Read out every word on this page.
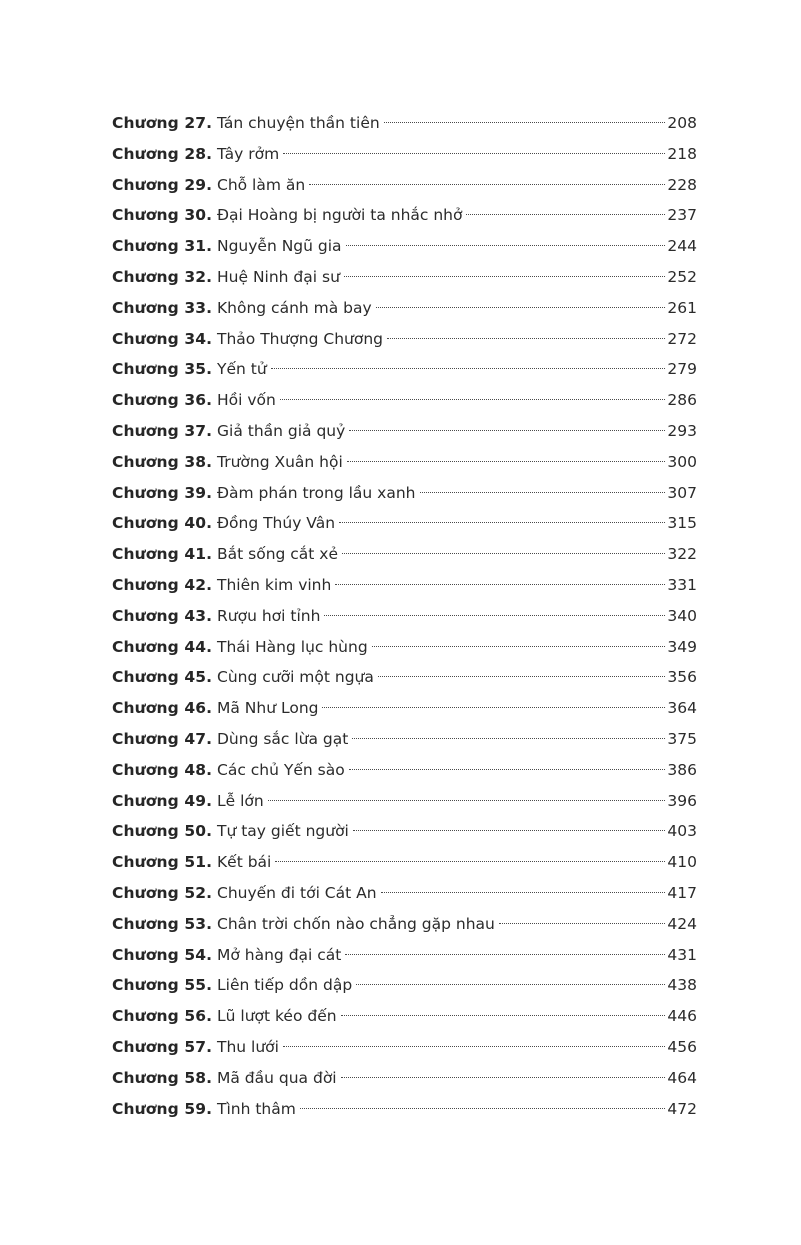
Chương 27. Tán chuyện thần tiên	208
Chương 28. Tây rởm	218
Chương 29. Chỗ làm ăn	228
Chương 30. Đại Hoàng bị người ta nhắc nhở	237
Chương 31. Nguyễn Ngũ gia	244
Chương 32. Huệ Ninh đại sư	252
Chương 33. Không cánh mà bay	261
Chương 34. Thảo Thượng Chương	272
Chương 35. Yến tử	279
Chương 36. Hồi vốn	286
Chương 37. Giả thần giả quỷ	293
Chương 38. Trường Xuân hội	300
Chương 39. Đàm phán trong lầu xanh	307
Chương 40. Đồng Thúy Vân	315
Chương 41. Bắt sống cắt xẻ	322
Chương 42. Thiên kim vinh	331
Chương 43. Rượu hơi tỉnh	340
Chương 44. Thái Hàng lục hùng	349
Chương 45. Cùng cưỡi một ngựa	356
Chương 46. Mã Như Long	364
Chương 47. Dùng sắc lừa gạt	375
Chương 48. Các chủ Yến sào	386
Chương 49. Lễ lớn	396
Chương 50. Tự tay giết người	403
Chương 51. Kết bái	410
Chương 52. Chuyến đi tới Cát An	417
Chương 53. Chân trời chốn nào chẳng gặp nhau	424
Chương 54. Mở hàng đại cát	431
Chương 55. Liên tiếp dồn dập	438
Chương 56. Lũ lượt kéo đến	446
Chương 57. Thu lưới	456
Chương 58. Mã đầu qua đời	464
Chương 59. Tình thâm	472
